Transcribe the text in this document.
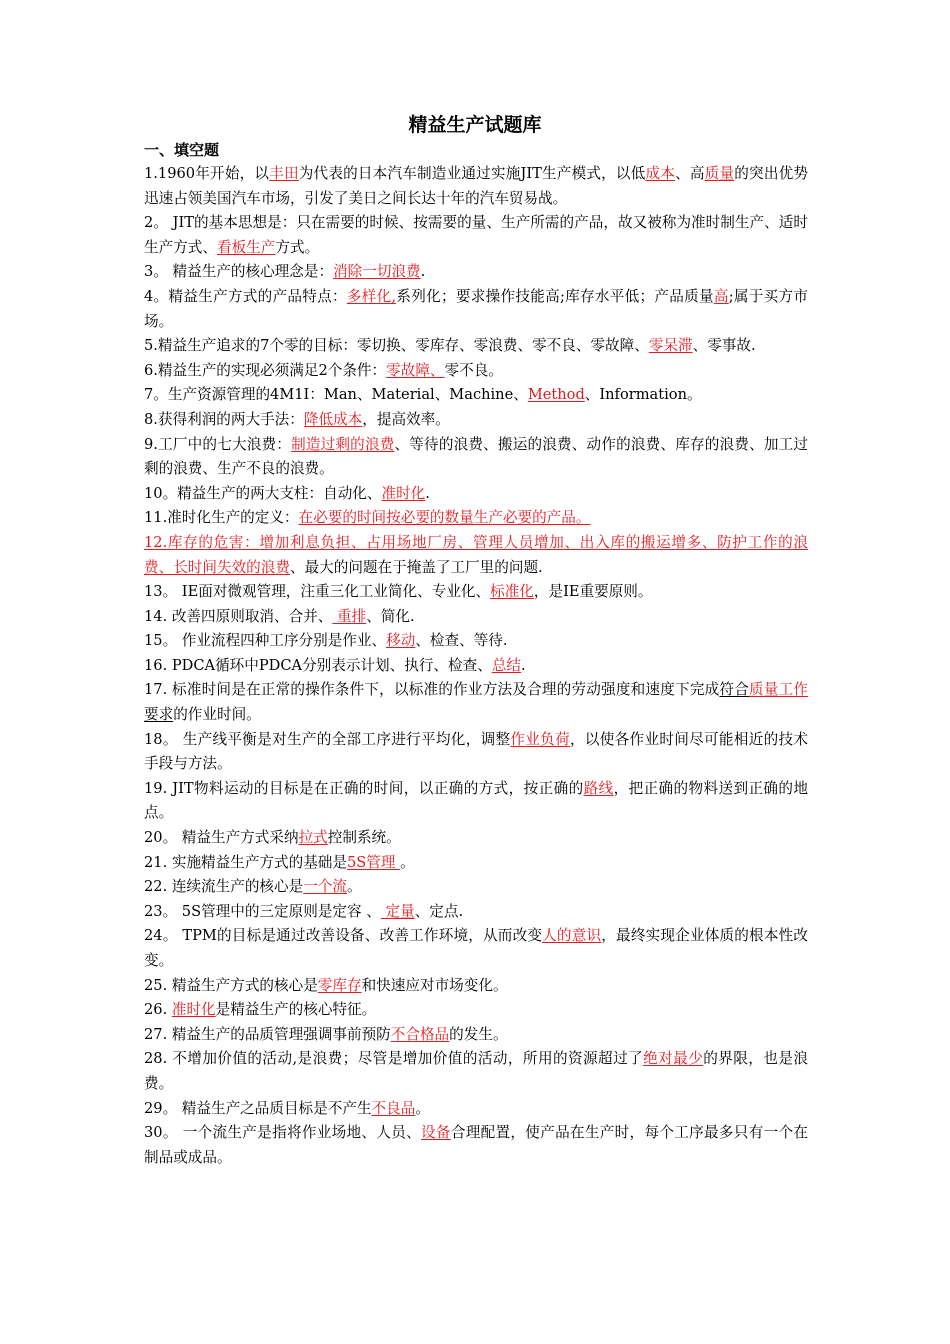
精益生产试题库
一、填空题

1.1960年开始，以丰田为代表的日本汽车制造业通过实施JIT生产模式，以低成本、高质量的突出优势迅速占领美国汽车市场，引发了美日之间长达十年的汽车贸易战。

2。 JIT的基本思想是：只在需要的时候、按需要的量、生产所需的产品，故又被称为准时制生产、适时生产方式、看板生产方式。

3。 精益生产的核心理念是：消除一切浪费.

4。精益生产方式的产品特点：多样化,系列化；要求操作技能高;库存水平低；产品质量高;属于买方市场。

5.精益生产追求的7个零的目标：零切换、零库存、零浪费、零不良、零故障、零呆滞、零事故.

6.精益生产的实现必须满足2个条件：零故障、零不良。

7。生产资源管理的4M1I：Man、Material、Machine、Method、Information。

8.获得利润的两大手法：降低成本，提高效率。

9.工厂中的七大浪费：制造过剩的浪费、等待的浪费、搬运的浪费、动作的浪费、库存的浪费、加工过剩的浪费、生产不良的浪费。

10。精益生产的两大支柱：自动化、准时化.

11.准时化生产的定义：在必要的时间按必要的数量生产必要的产品。

12.库存的危害：增加利息负担、占用场地厂房、管理人员增加、出入库的搬运增多、防护工作的浪费、长时间失效的浪费、最大的问题在于掩盖了工厂里的问题.

13。 IE面对微观管理，注重三化工业简化、专业化、标准化，是IE重要原则。

14. 改善四原则取消、合并、 重排、简化.

15。 作业流程四种工序分别是作业、移动、检查、等待.

16. PDCA循环中PDCA分别表示计划、执行、检查、总结.

17. 标准时间是在正常的操作条件下，以标准的作业方法及合理的劳动强度和速度下完成符合质量工作要求的作业时间。

18。 生产线平衡是对生产的全部工序进行平均化，调整作业负荷，以使各作业时间尽可能相近的技术手段与方法。

19. JIT物料运动的目标是在正确的时间，以正确的方式，按正确的路线，把正确的物料送到正确的地点。

20。 精益生产方式采纳拉式控制系统。

21. 实施精益生产方式的基础是5S管理 。

22. 连续流生产的核心是一个流。

23。 5S管理中的三定原则是定容 、 定量、定点.

24。 TPM的目标是通过改善设备、改善工作环境，从而改变人的意识，最终实现企业体质的根本性改变。

25. 精益生产方式的核心是零库存和快速应对市场变化。

26. 准时化是精益生产的核心特征。

27. 精益生产的品质管理强调事前预防不合格品的发生。

28. 不增加价值的活动,是浪费；尽管是增加价值的活动，所用的资源超过了绝对最少的界限，也是浪费。

29。 精益生产之品质目标是不产生不良品。

30。 一个流生产是指将作业场地、人员、设备合理配置，使产品在生产时，每个工序最多只有一个在制品或成品。
